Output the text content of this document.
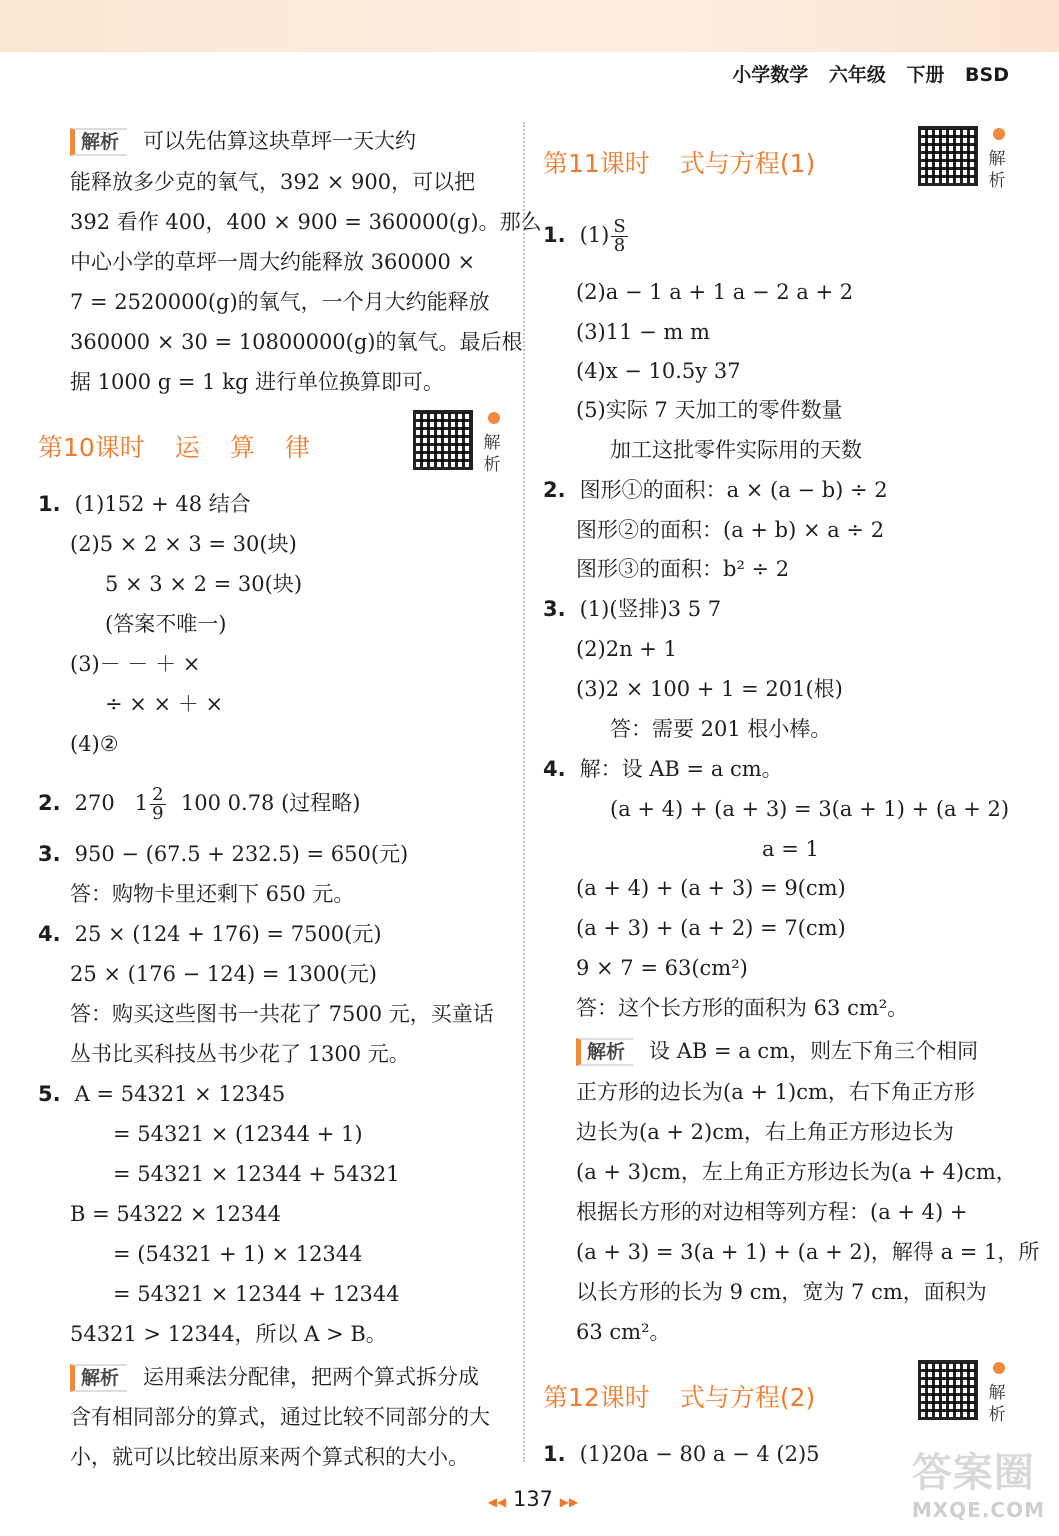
小学数学 六年级 下册 BSD
解析 可以先估算这块草坪一天大约
能释放多少克的氧气，392 × 900，可以把
392 看作 400，400 × 900 = 360000(g)。那么
中心小学的草坪一周大约能释放 360000 ×
7 = 2520000(g)的氧气，一个月大约能释放
360000 × 30 = 10800000(g)的氧气。最后根
据 1000 g = 1 kg 进行单位换算即可。
第10课时 运 算 律	解
析
1. (1)152 + 48 结合
(2)5 × 2 × 3 = 30(块)
5 × 3 × 2 = 30(块)
(答案不唯一)
(3)－ － ＋ ×
÷ × × ＋ ×
(4)②
2. 270 $1 \frac{2}{9} 100$ 0.78 (过程略)
3. 950 − (67.5 + 232.5) = 650(元)
答：购物卡里还剩下 650 元。
4. 25 × (124 + 176) = 7500(元)
25 × (176 − 124) = 1300(元)
答：购买这些图书一共花了 7500 元，买童话
丛书比买科技丛书少花了 1300 元。
5. A = 54321 × 12345
= 54321 × (12344 + 1)
= 54321 × 12344 + 54321
B = 54322 × 12344
= (54321 + 1) × 12344
= 54321 × 12344 + 12344
54321 > 12344，所以 A > B。
解析 运用乘法分配律，把两个算式拆分成
含有相同部分的算式，通过比较不同部分的大
小，就可以比较出原来两个算式积的大小。
第11课时 式与方程(1)	解
析
1. $(1) \frac{S}{8}$
(2)a − 1 a + 1 a − 2 a + 2
(3)11 − m m
(4)x − 10.5y 37
(5)实际 7 天加工的零件数量
加工这批零件实际用的天数
2. 图形①的面积：a × (a − b) ÷ 2
图形②的面积：(a + b) × a ÷ 2
图形③的面积：b² ÷ 2
3. (1)(竖排)3 5 7
(2)2n + 1
(3)2 × 100 + 1 = 201(根)
答：需要 201 根小棒。
4. 解：设 AB = a cm。
(a + 4) + (a + 3) = 3(a + 1) + (a + 2)
a = 1
(a + 4) + (a + 3) = 9(cm)
(a + 3) + (a + 2) = 7(cm)
9 × 7 = 63(cm²)
答：这个长方形的面积为 63 cm²。
解析 设 AB = a cm，则左下角三个相同
正方形的边长为(a + 1)cm，右下角正方形
边长为(a + 2)cm，右上角正方形边长为
(a + 3)cm，左上角正方形边长为(a + 4)cm，
根据长方形的对边相等列方程：(a + 4) +
(a + 3) = 3(a + 1) + (a + 2)，解得 a = 1，所
以长方形的长为 9 cm，宽为 7 cm，面积为
63 cm²。
第12课时 式与方程(2)	解
析
1. (1)20a − 80 a − 4 (2)5
◀◀ 137 ▶▶
答案圈
MXQE.COM
